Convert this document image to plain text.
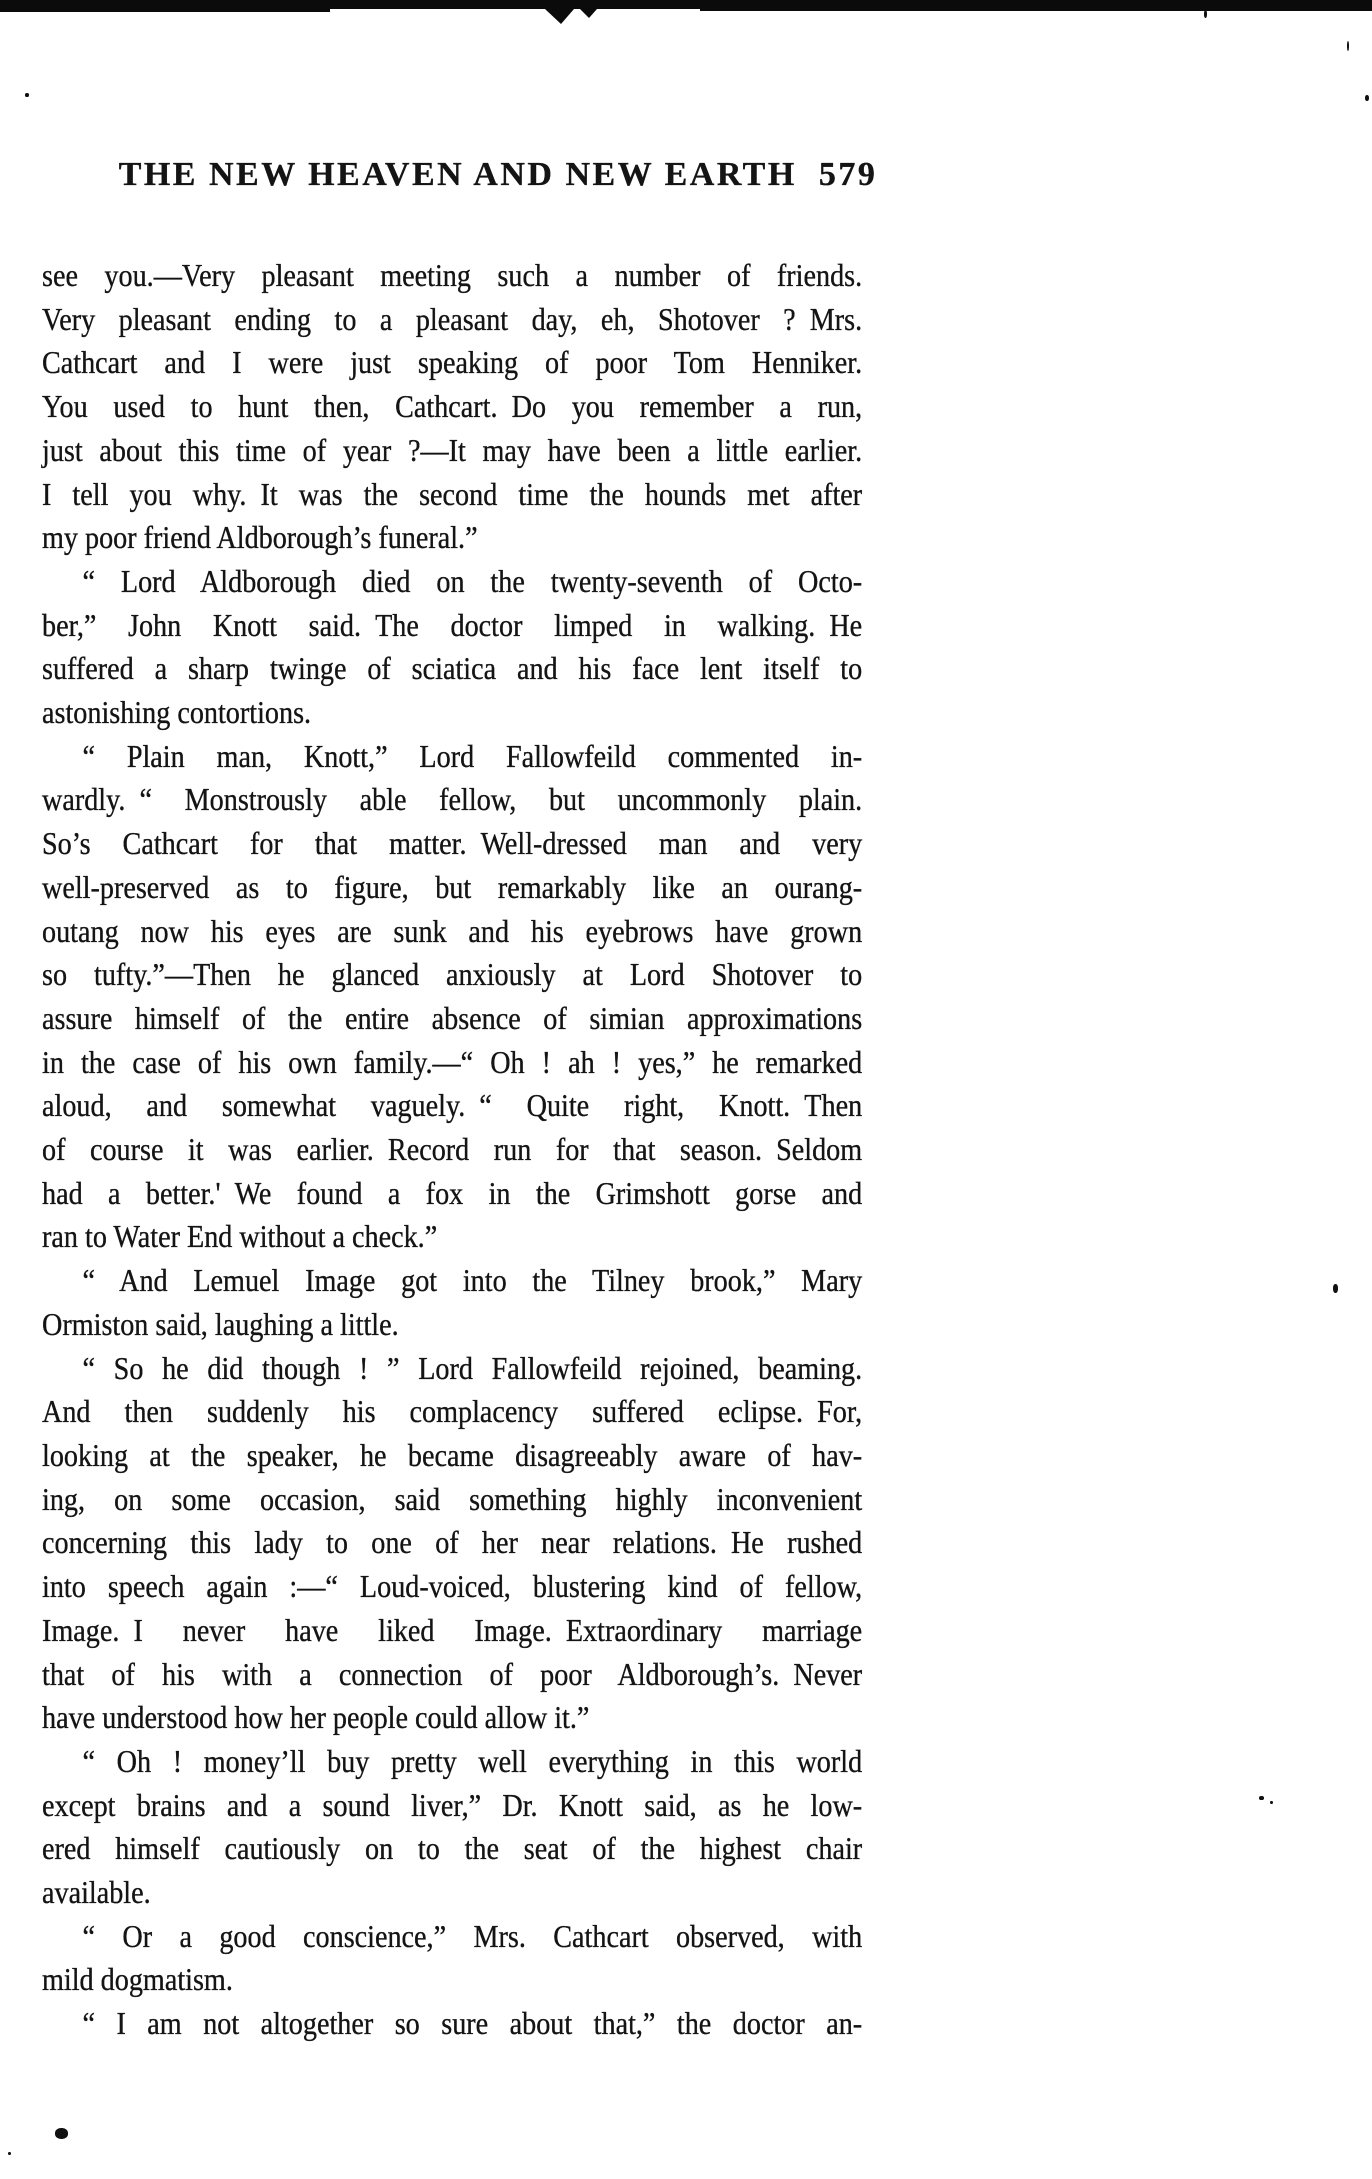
THE NEW HEAVEN AND NEW EARTH 579
see you.—Very pleasant meeting such a number of friends.
Very pleasant ending to a pleasant day, eh, Shotover ? Mrs.
Cathcart and I were just speaking of poor Tom Henniker.
You used to hunt then, Cathcart. Do you remember a run,
just about this time of year ?—It may have been a little earlier.
I tell you why. It was the second time the hounds met after
my poor friend Aldborough’s funeral.”
“ Lord Aldborough died on the twenty-seventh of Octo-
ber,” John Knott said. The doctor limped in walking. He
suffered a sharp twinge of sciatica and his face lent itself to
astonishing contortions.
“ Plain man, Knott,” Lord Fallowfeild commented in-
wardly. “ Monstrously able fellow, but uncommonly plain.
So’s Cathcart for that matter. Well-dressed man and very
well-preserved as to figure, but remarkably like an ourang-
outang now his eyes are sunk and his eyebrows have grown
so tufty.”—Then he glanced anxiously at Lord Shotover to
assure himself of the entire absence of simian approximations
in the case of his own family.—“ Oh ! ah ! yes,” he remarked
aloud, and somewhat vaguely. “ Quite right, Knott. Then
of course it was earlier. Record run for that season. Seldom
had a better.' We found a fox in the Grimshott gorse and
ran to Water End without a check.”
“ And Lemuel Image got into the Tilney brook,” Mary
Ormiston said, laughing a little.
“ So he did though ! ” Lord Fallowfeild rejoined, beaming.
And then suddenly his complacency suffered eclipse. For,
looking at the speaker, he became disagreeably aware of hav-
ing, on some occasion, said something highly inconvenient
concerning this lady to one of her near relations. He rushed
into speech again :—“ Loud-voiced, blustering kind of fellow,
Image. I never have liked Image. Extraordinary marriage
that of his with a connection of poor Aldborough’s. Never
have understood how her people could allow it.”
“ Oh ! money’ll buy pretty well everything in this world
except brains and a sound liver,” Dr. Knott said, as he low-
ered himself cautiously on to the seat of the highest chair
available.
“ Or a good conscience,” Mrs. Cathcart observed, with
mild dogmatism.
“ I am not altogether so sure about that,” the doctor an-
